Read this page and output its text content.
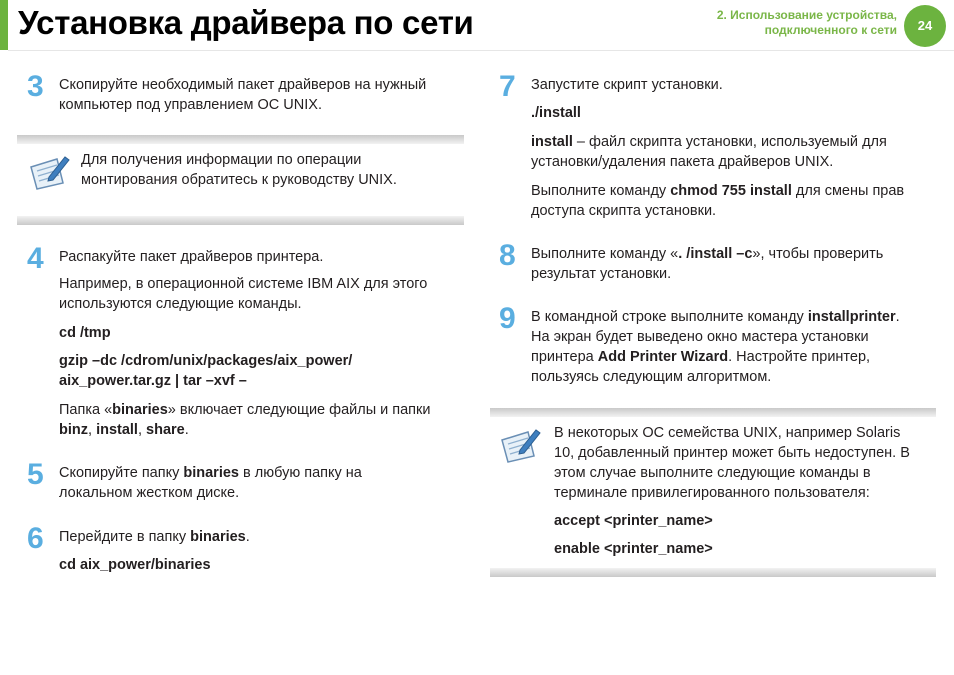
Установка драйвера по сети	2. Использование устройства,
подключенного к сети	24
3 Скопируйте необходимый пакет драйверов на нужный
компьютер под управлением ОС UNIX.
Для получения информации по операции
монтирования обратитесь к руководству UNIX.
4 Распакуйте пакет драйверов принтера.
Например, в операционной системе IBM AIX для этого
используются следующие команды.
cd /tmp
gzip –dc /cdrom/unix/packages/aix_power/
aix_power.tar.gz | tar –xvf –
Папка «binaries» включает следующие файлы и папки
binz, install, share.
5 Скопируйте папку binaries в любую папку на
локальном жестком диске.
6 Перейдите в папку binaries.
cd aix_power/binaries
7 Запустите скрипт установки.
./install
install – файл скрипта установки, используемый для
установки/удаления пакета драйверов UNIX.
Выполните команду chmod 755 install для смены прав
доступа скрипта установки.
8 Выполните команду «. /install –c», чтобы проверить
результат установки.
9 В командной строке выполните команду installprinter.
На экран будет выведено окно мастера установки
принтера Add Printer Wizard. Настройте принтер,
пользуясь следующим алгоритмом.
В некоторых ОС семейства UNIX, например Solaris
10, добавленный принтер может быть недоступен. В
этом случае выполните следующие команды в
терминале привилегированного пользователя:
accept <printer_name>
enable <printer_name>
